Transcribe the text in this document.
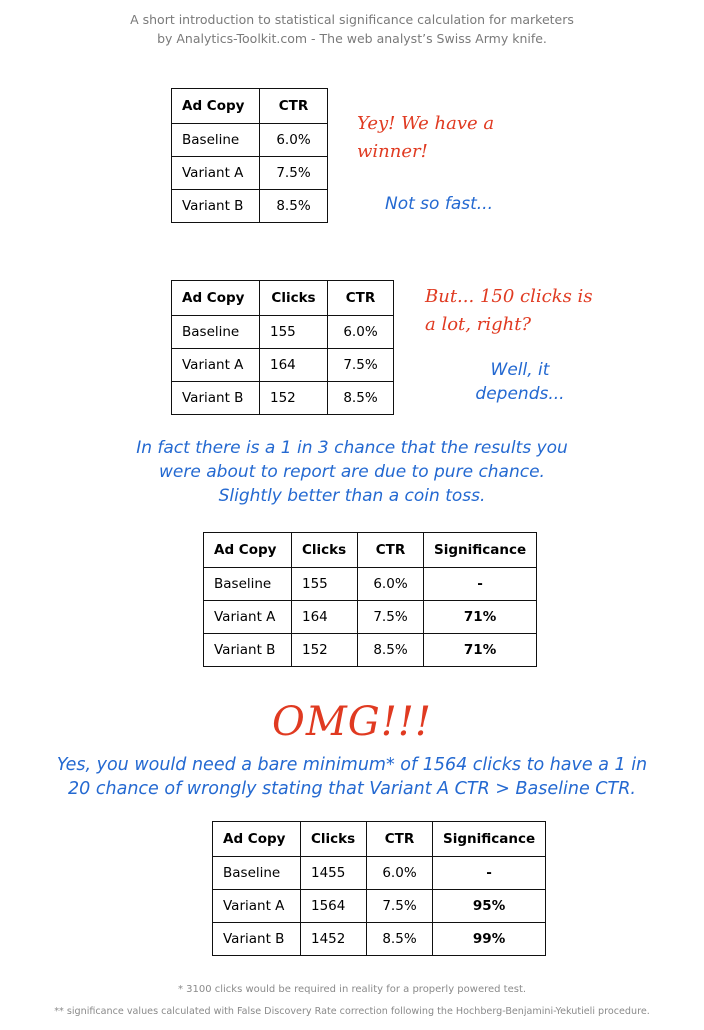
A short introduction to statistical significance calculation for marketers
by Analytics-Toolkit.com - The web analyst’s Swiss Army knife.
Ad Copy	CTR
Baseline	6.0%
Variant A	7.5%
Variant B	8.5%
Yey! We have a
winner!
Not so fast...
Ad Copy	Clicks	CTR
Baseline	155	6.0%
Variant A	164	7.5%
Variant B	152	8.5%
But... 150 clicks is
a lot, right?
Well, it
depends...
In fact there is a 1 in 3 chance that the results you
were about to report are due to pure chance.
Slightly better than a coin toss.
Ad Copy	Clicks	CTR	Significance
Baseline	155	6.0%	-
Variant A	164	7.5%	71%
Variant B	152	8.5%	71%
OMG!!!
Yes, you would need a bare minimum* of 1564 clicks to have a 1 in
20 chance of wrongly stating that Variant A CTR > Baseline CTR.
Ad Copy	Clicks	CTR	Significance
Baseline	1455	6.0%	-
Variant A	1564	7.5%	95%
Variant B	1452	8.5%	99%
* 3100 clicks would be required in reality for a properly powered test.
** significance values calculated with False Discovery Rate correction following the Hochberg-Benjamini-Yekutieli procedure.
